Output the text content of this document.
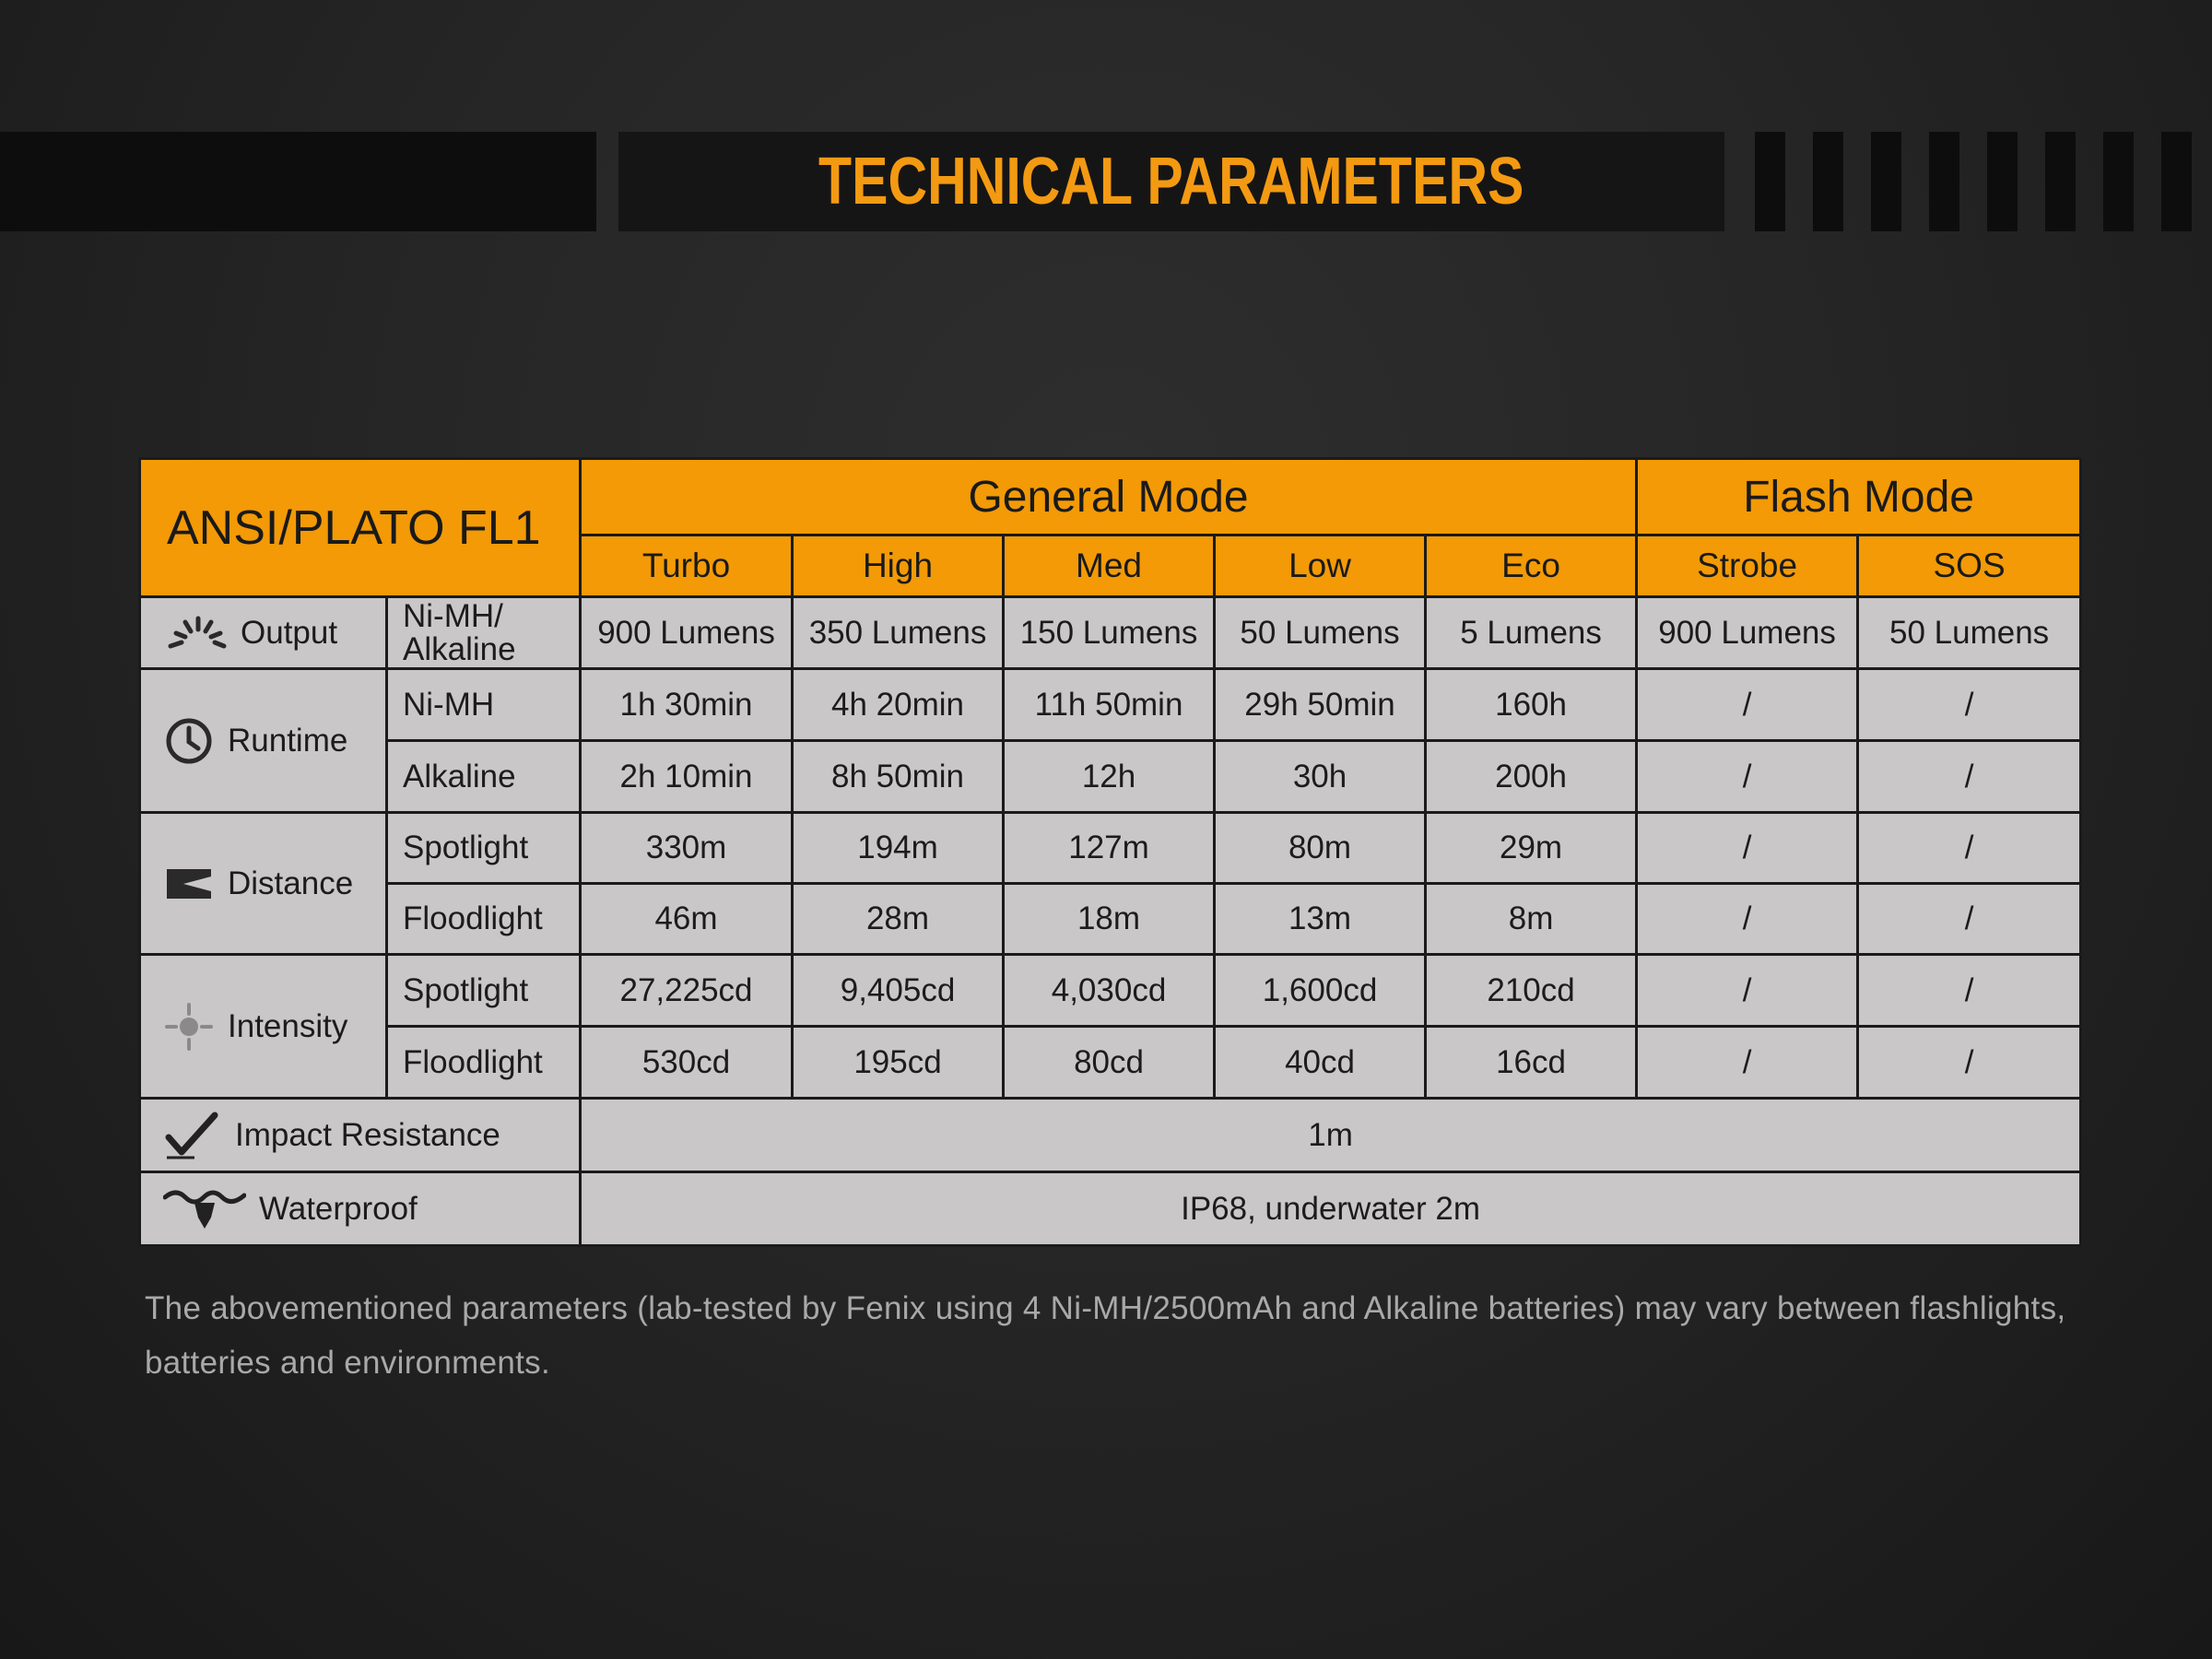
TECHNICAL PARAMETERS
ANSI/PLATO FL1		General Mode					Flash Mode	
		Turbo	High	Med	Low	Eco	Strobe	SOS

Output	Ni-MH/ Alkaline	900 Lumens	350 Lumens	150 Lumens	50 Lumens	5 Lumens	900 Lumens	50 Lumens

Runtime	Ni-MH	1h 30min	4h 20min	11h 50min	29h 50min	160h	/	/
	Alkaline	2h 10min	8h 50min	12h	30h	200h	/	/

Distance	Spotlight	330m	194m	127m	80m	29m	/	/
	Floodlight	46m	28m	18m	13m	8m	/	/

Intensity	Spotlight	27,225cd	9,405cd	4,030cd	1,600cd	210cd	/	/
	Floodlight	530cd	195cd	80cd	40cd	16cd	/	/

Impact Resistance		1m						

Waterproof		IP68, underwater 2m						
The abovementioned parameters (lab-tested by Fenix using 4 Ni-MH/2500mAh and Alkaline batteries) may vary between flashlights, batteries and environments.
